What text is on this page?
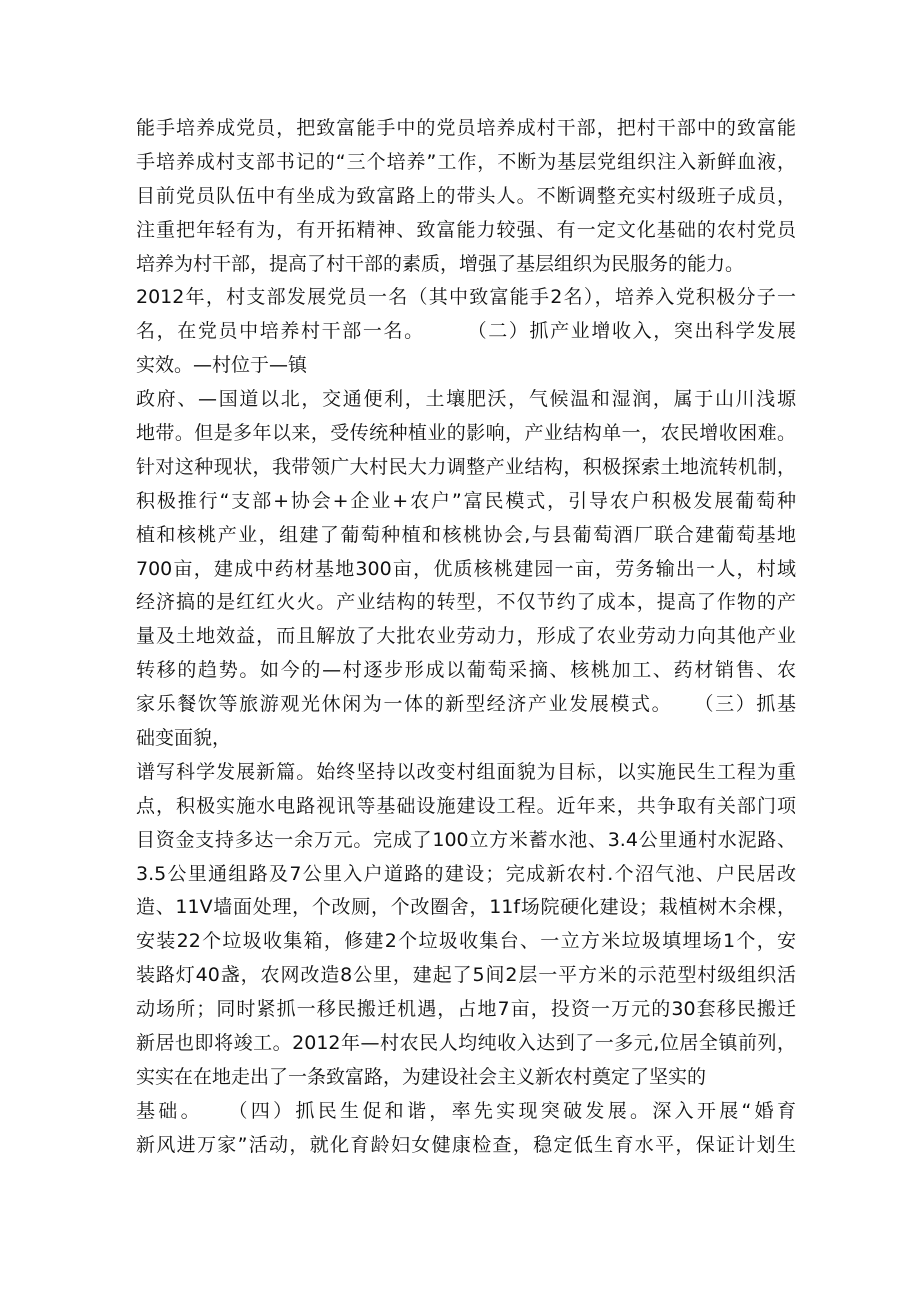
能手培养成党员，把致富能手中的党员培养成村干部，把村干部中的致富能
手培养成村支部书记的“三个培养”工作，不断为基层党组织注入新鲜血液，
目前党员队伍中有坐成为致富路上的带头人。不断调整充实村级班子成员，
注重把年轻有为，有开拓精神、致富能力较强、有一定文化基础的农村党员
培养为村干部，提高了村干部的素质，增强了基层组织为民服务的能力。
2012年，村支部发展党员一名（其中致富能手2名），培养入党积极分子一
名，在党员中培养村干部一名。　　　（二）抓产业增收入，突出科学发展
实效。—村位于—镇
政府、—国道以北，交通便利，土壤肥沃，气候温和湿润，属于山川浅塬
地带。但是多年以来，受传统种植业的影响，产业结构单一，农民增收困难。
针对这种现状，我带领广大村民大力调整产业结构，积极探索土地流转机制，
积极推行“支部+协会+企业+农户”富民模式，引导农户积极发展葡萄种
植和核桃产业，组建了葡萄种植和核桃协会,与县葡萄酒厂联合建葡萄基地
700亩，建成中药材基地300亩，优质核桃建园一亩，劳务输出一人，村域
经济搞的是红红火火。产业结构的转型，不仅节约了成本，提高了作物的产
量及土地效益，而且解放了大批农业劳动力，形成了农业劳动力向其他产业
转移的趋势。如今的—村逐步形成以葡萄采摘、核桃加工、药材销售、农
家乐餐饮等旅游观光休闲为一体的新型经济产业发展模式。　　（三）抓基
础变面貌，
谱写科学发展新篇。始终坚持以改变村组面貌为目标，以实施民生工程为重
点，积极实施水电路视讯等基础设施建设工程。近年来，共争取有关部门项
目资金支持多达一余万元。完成了100立方米蓄水池、3.4公里通村水泥路、
3.5公里通组路及7公里入户道路的建设；完成新农村.个沼气池、户民居改
造、11V墙面处理，个改厕，个改圈舍，11f场院硬化建设；栽植树木余棵，
安装22个垃圾收集箱，修建2个垃圾收集台、一立方米垃圾填埋场1个，安
装路灯40盏，农网改造8公里，建起了5间2层一平方米的示范型村级组织活
动场所；同时紧抓一移民搬迁机遇，占地7亩，投资一万元的30套移民搬迁
新居也即将竣工。2012年—村农民人均纯收入达到了一多元,位居全镇前列，
实实在在地走出了一条致富路，为建设社会主义新农村奠定了坚实的
基础。　　（四）抓民生促和谐，率先实现突破发展。深入开展“婚育
新风进万家”活动，就化育龄妇女健康检查，稳定低生育水平，保证计划生
